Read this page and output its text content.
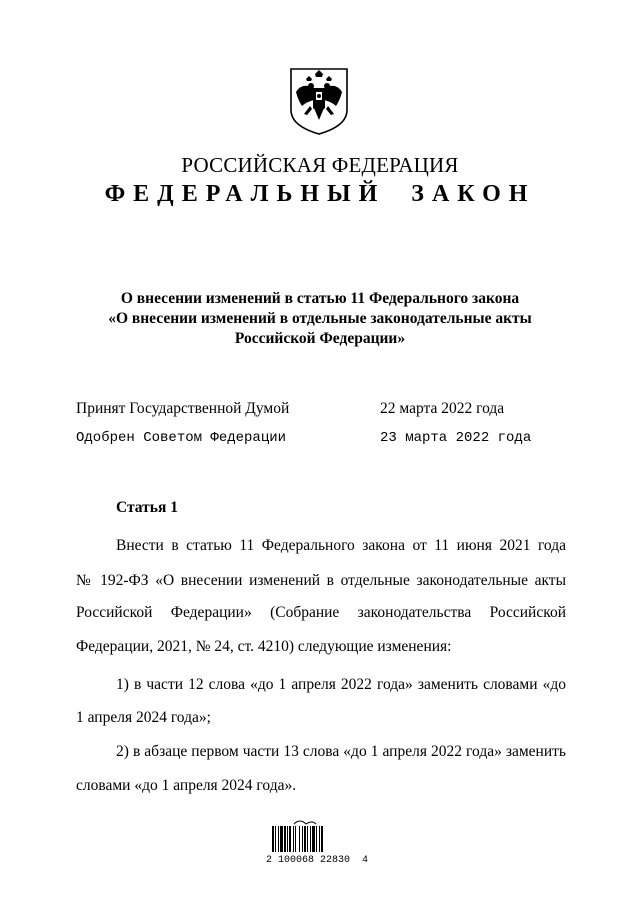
РОССИЙСКАЯ ФЕДЕРАЦИЯ
ФЕДЕРАЛЬНЫЙ ЗАКОН
О внесении изменений в статью 11 Федерального закона
«О внесении изменений в отдельные законодательные акты
Российской Федерации»
Принят Государственной Думой	22 марта 2022 года
Одобрен Советом Федерации	23 марта 2022 года
Статья 1
Внести в статью 11 Федерального закона от 11 июня 2021 года
№ 192-ФЗ «О внесении изменений в отдельные законодательные акты
Российской Федерации» (Собрание законодательства Российской
Федерации, 2021, № 24, ст. 4210) следующие изменения:
1) в части 12 слова «до 1 апреля 2022 года» заменить словами «до
1 апреля 2024 года»;
2) в абзаце первом части 13 слова «до 1 апреля 2022 года» заменить
словами «до 1 апреля 2024 года».
2 100068 22830  4
